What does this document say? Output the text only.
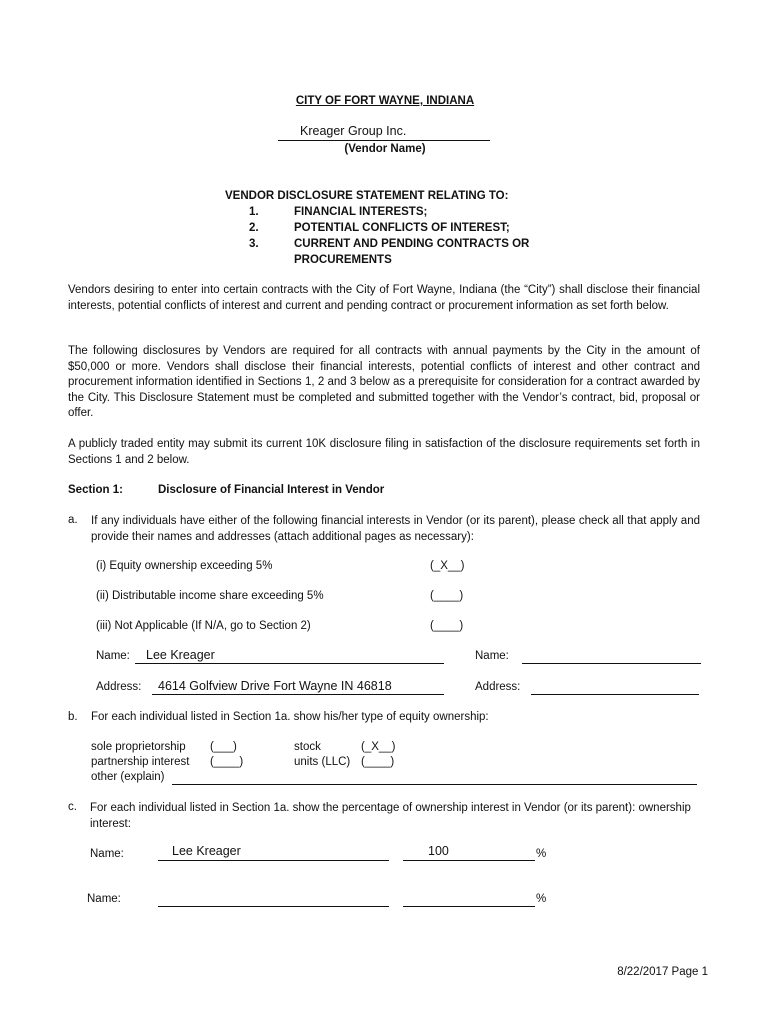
CITY OF FORT WAYNE, INDIANA
Kreager Group Inc.
(Vendor Name)
VENDOR DISCLOSURE STATEMENT RELATING TO:
1.	FINANCIAL INTERESTS;
2.	POTENTIAL CONFLICTS OF INTEREST;
3.	CURRENT AND PENDING CONTRACTS OR
PROCUREMENTS
Vendors desiring to enter into certain contracts with the City of Fort Wayne, Indiana (the “City”) shall disclose their financial interests, potential conflicts of interest and current and pending contract or procurement information as set forth below.
The following disclosures by Vendors are required for all contracts with annual payments by the City in the amount of $50,000 or more. Vendors shall disclose their financial interests, potential conflicts of interest and other contract and procurement information identified in Sections 1, 2 and 3 below as a prerequisite for consideration for a contract awarded by the City. This Disclosure Statement must be completed and submitted together with the Vendor’s contract, bid, proposal or offer.
A publicly traded entity may submit its current 10K disclosure filing in satisfaction of the disclosure requirements set forth in Sections 1 and 2 below.
Section 1:	Disclosure of Financial Interest in Vendor
a. If any individuals have either of the following financial interests in Vendor (or its parent), please check all that apply and provide their names and addresses (attach additional pages as necessary):
(i) Equity ownership exceeding 5%	(_X__)
(ii) Distributable income share exceeding 5%	(____)
(iii) Not Applicable (If N/A, go to Section 2)	(____)
Name: Lee Kreager	Name:
Address: 4614 Golfview Drive Fort Wayne IN 46818	Address:
b. For each individual listed in Section 1a. show his/her type of equity ownership:
sole proprietorship (___)	stock	(_X__)
partnership interest (____)	units (LLC) (____)
other (explain)
c. For each individual listed in Section 1a. show the percentage of ownership interest in Vendor (or its parent): ownership interest:
Name:	Lee Kreager	100	%
Name:	%
8/22/2017 Page 1
